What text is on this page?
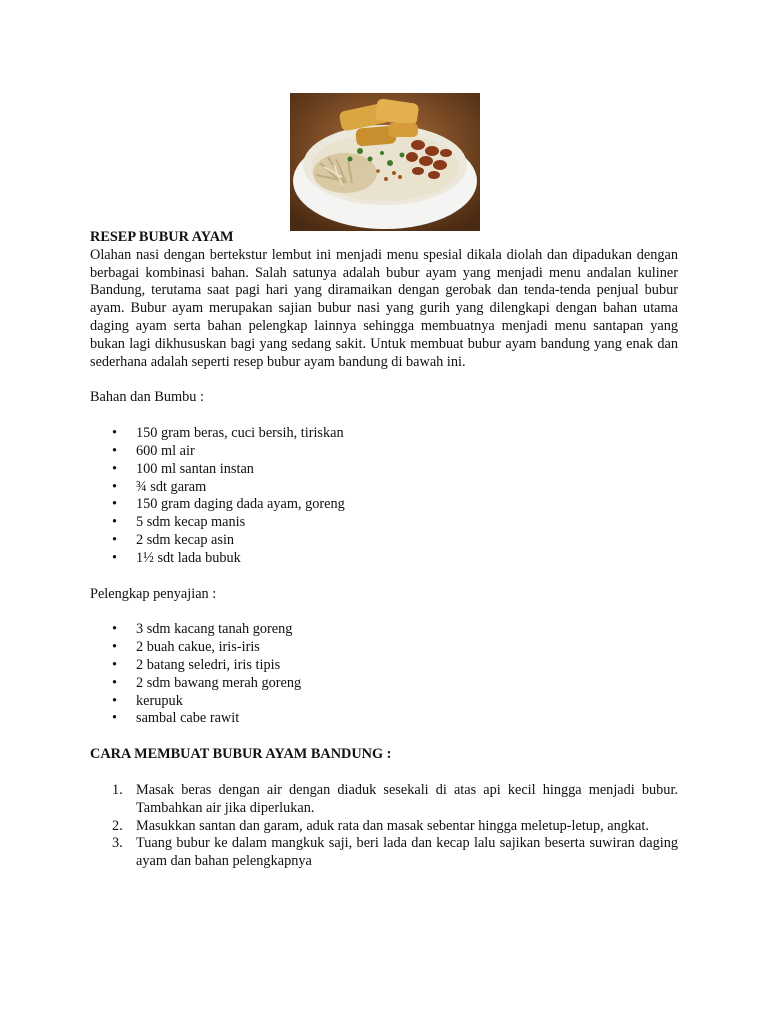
RESEP BUBUR AYAM

Olahan nasi dengan bertekstur lembut ini menjadi menu spesial dikala diolah dan dipadukan dengan berbagai kombinasi bahan. Salah satunya adalah bubur ayam yang menjadi menu andalan kuliner Bandung, terutama saat pagi hari yang diramaikan dengan gerobak dan tenda-tenda penjual bubur ayam. Bubur ayam merupakan sajian bubur nasi yang gurih yang dilengkapi dengan bahan utama daging ayam serta bahan pelengkap lainnya sehingga membuatnya menjadi menu santapan yang bukan lagi dikhususkan bagi yang sedang sakit. Untuk membuat bubur ayam bandung yang enak dan sederhana adalah seperti resep bubur ayam bandung di bawah ini.

Bahan dan Bumbu :

• 150 gram beras, cuci bersih, tiriskan
• 600 ml air
• 100 ml santan instan
• ¾ sdt garam
• 150 gram daging dada ayam, goreng
• 5 sdm kecap manis
• 2 sdm kecap asin
• 1½ sdt lada bubuk

Pelengkap penyajian :

• 3 sdm kacang tanah goreng
• 2 buah cakue, iris-iris
• 2 batang seledri, iris tipis
• 2 sdm bawang merah goreng
• kerupuk
• sambal cabe rawit

CARA MEMBUAT BUBUR AYAM BANDUNG :

1. Masak beras dengan air dengan diaduk sesekali di atas api kecil hingga menjadi bubur. Tambahkan air jika diperlukan.
2. Masukkan santan dan garam, aduk rata dan masak sebentar hingga meletup-letup, angkat.
3. Tuang bubur ke dalam mangkuk saji, beri lada dan kecap lalu sajikan beserta suwiran daging ayam dan bahan pelengkapnya
